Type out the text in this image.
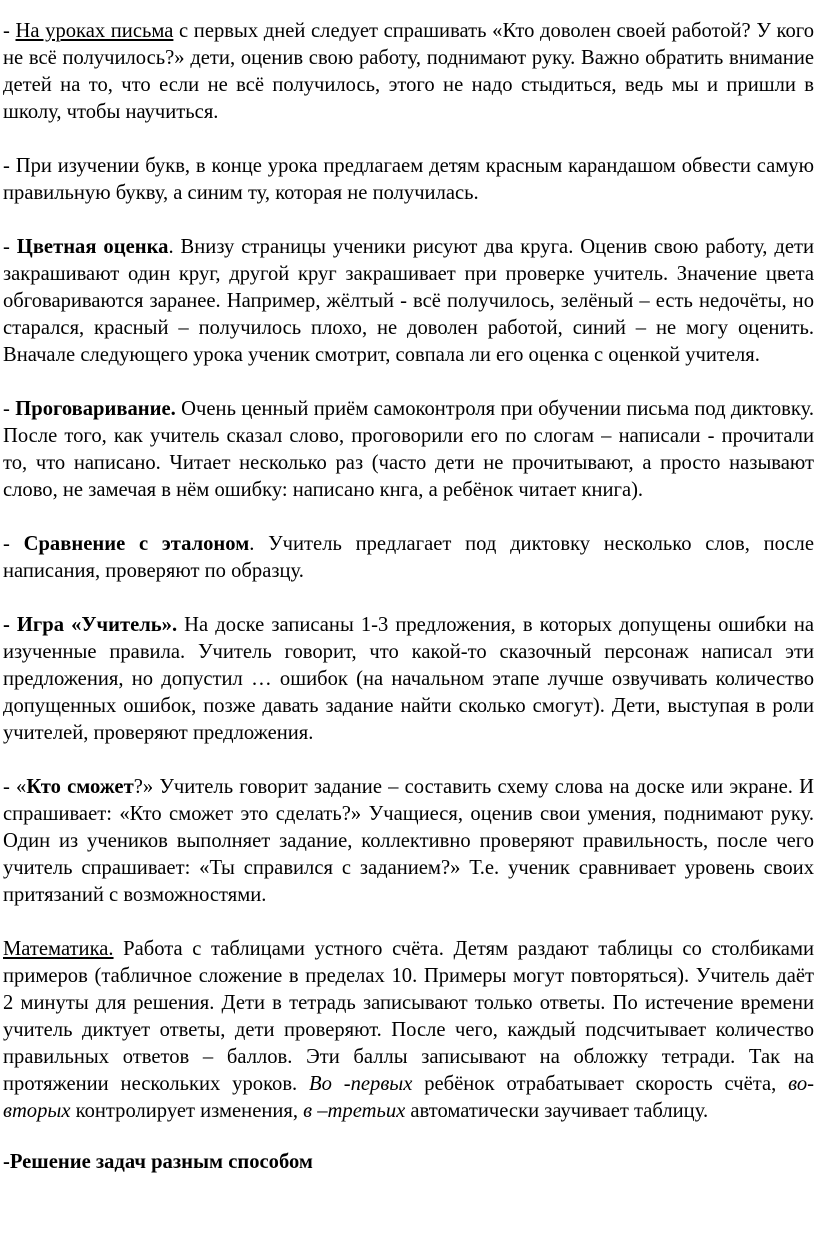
- На уроках письма с первых дней следует спрашивать «Кто доволен своей работой? У кого не всё получилось?» дети, оценив свою работу, поднимают руку. Важно обратить внимание детей на то, что если не всё получилось, этого не надо стыдиться, ведь мы и пришли в школу, чтобы научиться.

- При изучении букв, в конце урока предлагаем детям красным карандашом обвести самую правильную букву, а синим ту, которая не получилась.

- Цветная оценка. Внизу страницы ученики рисуют два круга. Оценив свою работу, дети закрашивают один круг, другой круг закрашивает при проверке учитель. Значение цвета обговариваются заранее. Например, жёлтый - всё получилось, зелёный – есть недочёты, но старался, красный – получилось плохо, не доволен работой, синий – не могу оценить. Вначале следующего урока ученик смотрит, совпала ли его оценка с оценкой учителя.

- Проговаривание. Очень ценный приём самоконтроля при обучении письма под диктовку. После того, как учитель сказал слово, проговорили его по слогам – написали - прочитали то, что написано. Читает несколько раз (часто дети не прочитывают, а просто называют слово, не замечая в нём ошибку: написано кнга, а ребёнок читает книга).

- Сравнение с эталоном. Учитель предлагает под диктовку несколько слов, после написания, проверяют по образцу.

- Игра «Учитель». На доске записаны 1-3 предложения, в которых допущены ошибки на изученные правила. Учитель говорит, что какой-то сказочный персонаж написал эти предложения, но допустил … ошибок (на начальном этапе лучше озвучивать количество допущенных ошибок, позже давать задание найти сколько смогут). Дети, выступая в роли учителей, проверяют предложения.

- «Кто сможет?» Учитель говорит задание – составить схему слова на доске или экране. И спрашивает: «Кто сможет это сделать?» Учащиеся, оценив свои умения, поднимают руку. Один из учеников выполняет задание, коллективно проверяют правильность, после чего учитель спрашивает: «Ты справился с заданием?» Т.е. ученик сравнивает уровень своих притязаний с возможностями.

Математика. Работа с таблицами устного счёта. Детям раздают таблицы со столбиками примеров (табличное сложение в пределах 10. Примеры могут повторяться). Учитель даёт 2 минуты для решения. Дети в тетрадь записывают только ответы. По истечение времени учитель диктует ответы, дети проверяют. После чего, каждый подсчитывает количество правильных ответов – баллов. Эти баллы записывают на обложку тетради. Так на протяжении нескольких уроков. Во -первых ребёнок отрабатывает скорость счёта, во-вторых контролирует изменения, в –третьих автоматически заучивает таблицу.

-Решение задач разным способом
